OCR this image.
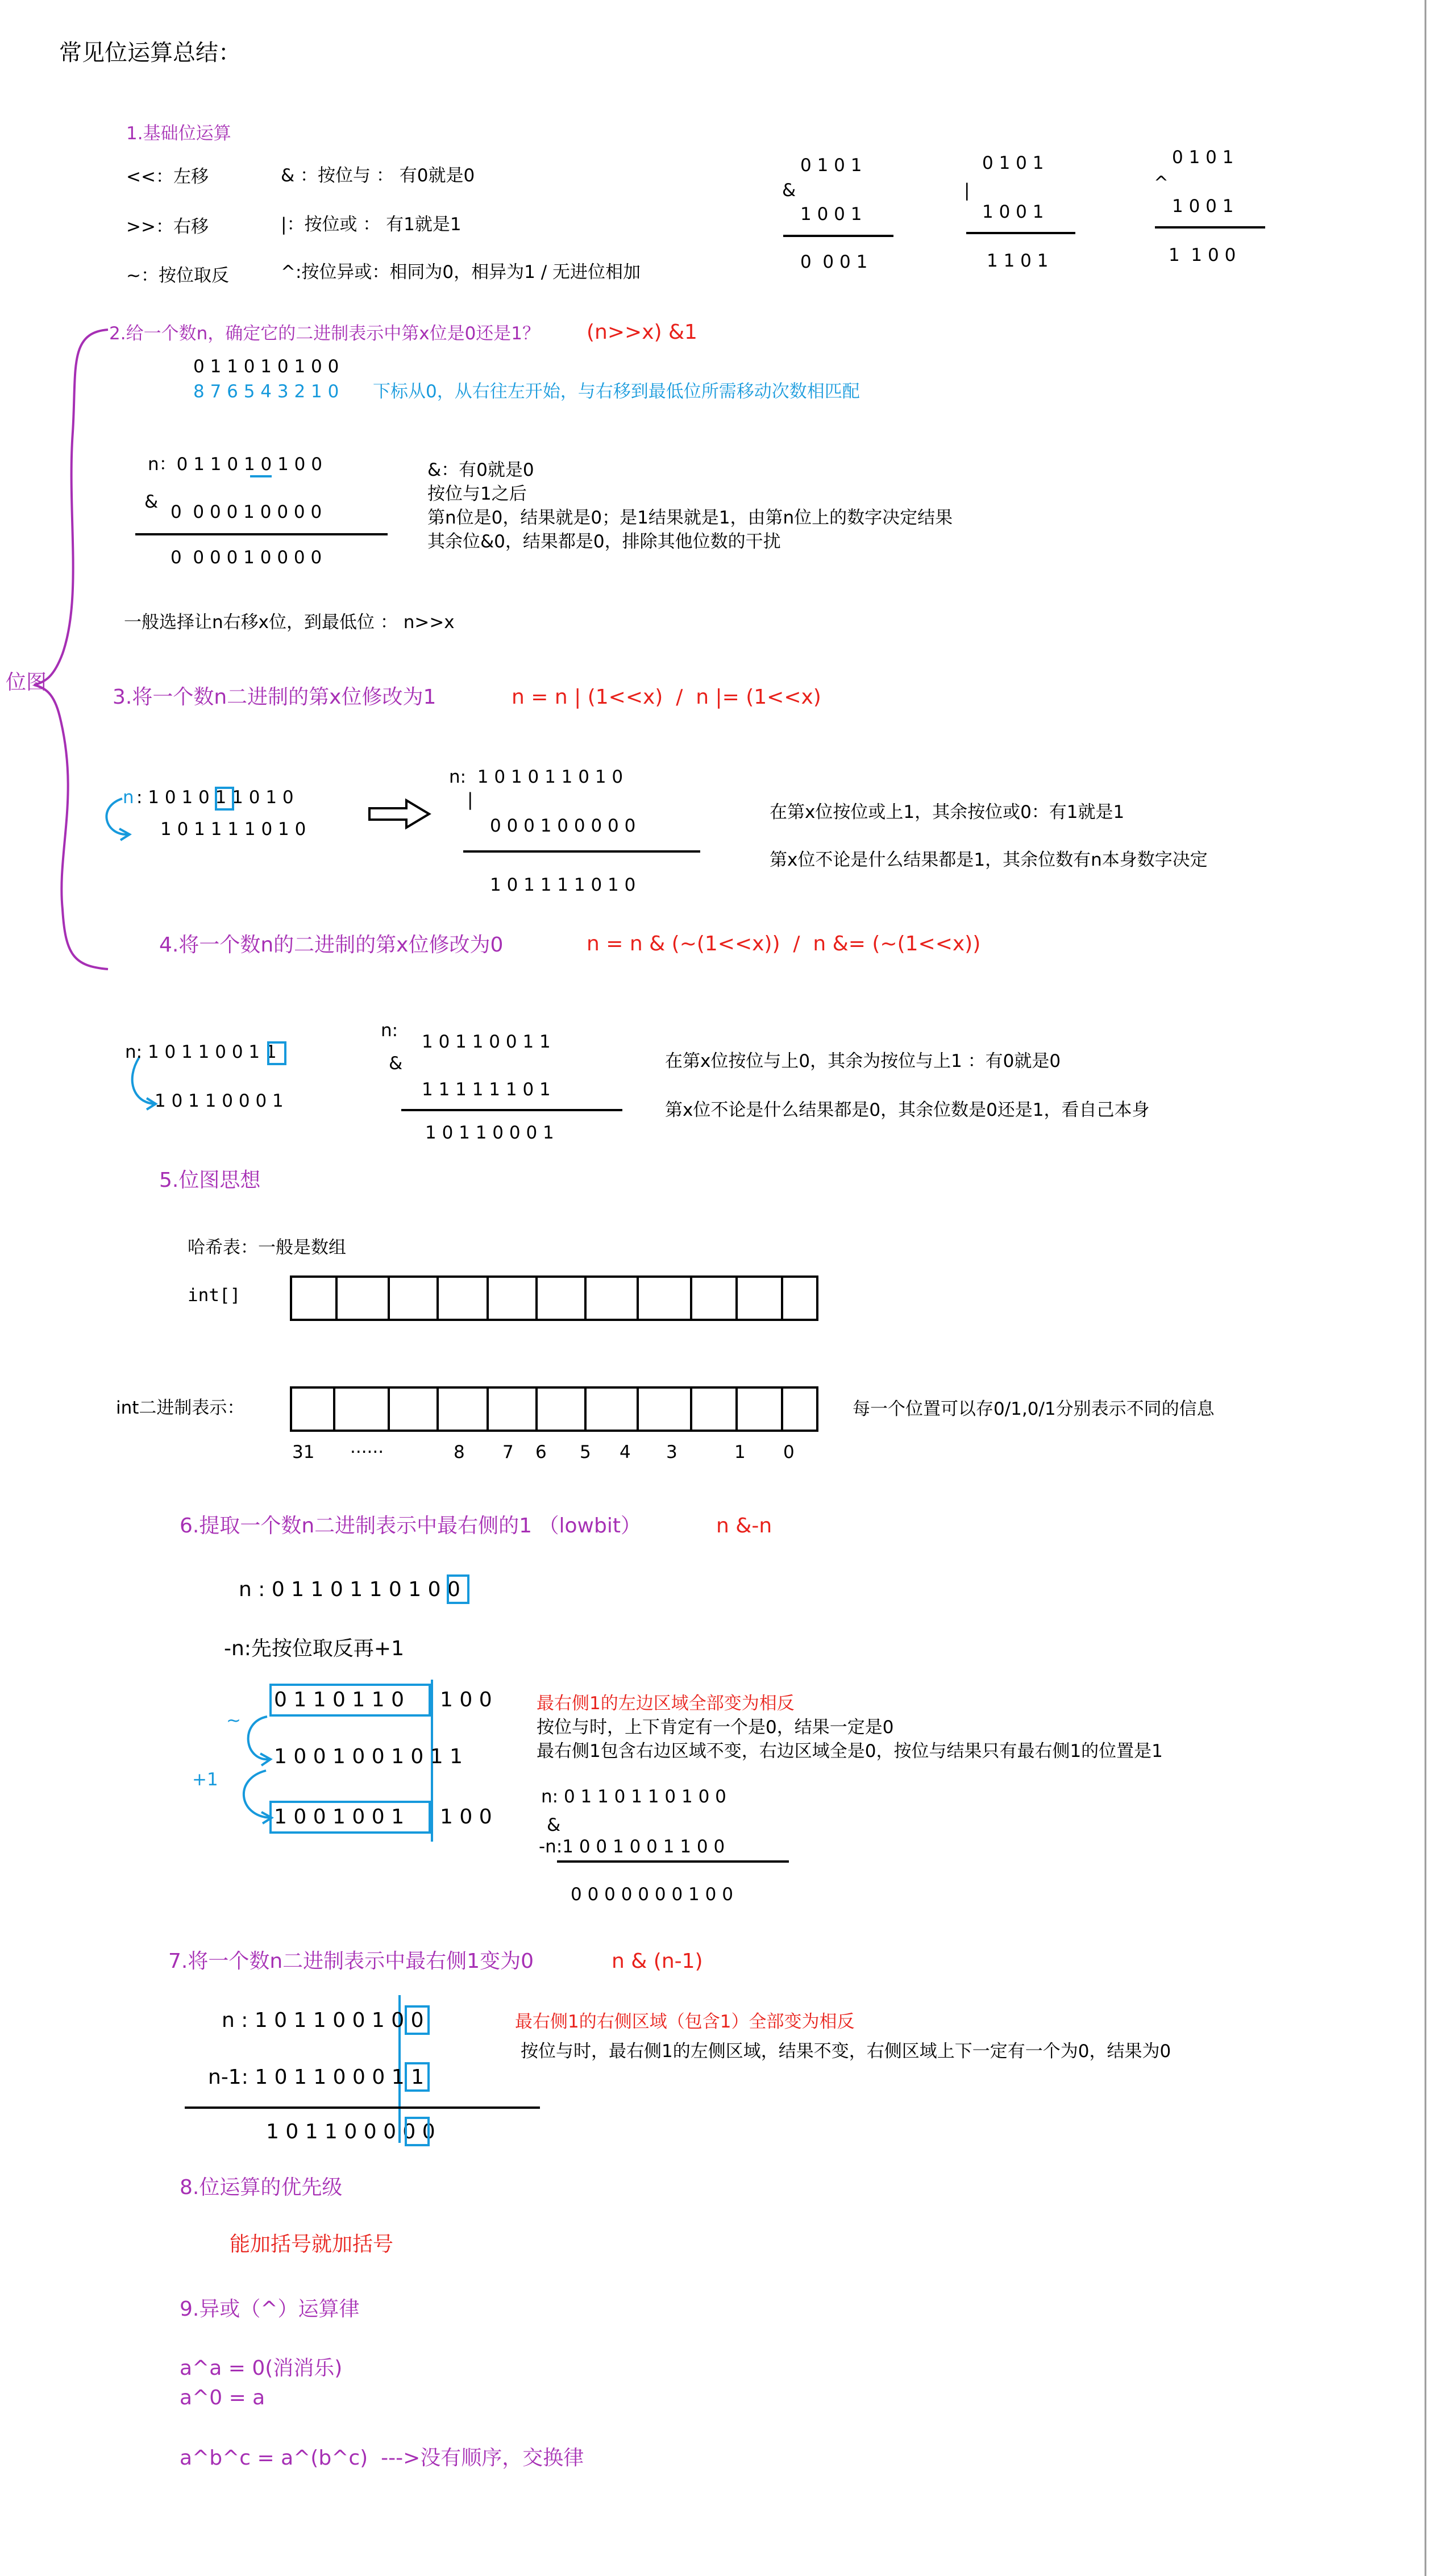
常见位运算总结：
1.基础位运算
<<：左移	& ：按位与 ： 有0就是0
>>：右移	|：按位或 ： 有1就是1
~：按位取反	^:按位异或：相同为0，相异为1 / 无进位相加
0 1 0 1
&
1 0 0 1
0  0 0 1
0 1 0 1
|
1 0 0 1
1 1 0 1
0 1 0 1
^
1 0 0 1
1  1 0 0
位图
2.给一个数n，确定它的二进制表示中第x位是0还是1？ (n>>x) &1
0 1 1 0 1 0 1 0 0
8 7 6 5 4 3 2 1 0 下标从0，从右往左开始，与右移到最低位所需移动次数相匹配
n：0 1 1 0 1 0 1 0 0
& 0  0 0 0 1 0 0 0 0
0  0 0 0 1 0 0 0 0
&：有0就是0
按位与1之后
第n位是0，结果就是0；是1结果就是1，由第n位上的数字决定结果
其余位&0，结果都是0，排除其他位数的干扰
一般选择让n右移x位，到最低位 ： n>>x
3.将一个数n二进制的第x位修改为1	n = n | (1<<x)  /  n |= (1<<x)
n : 1 0 1 0 1 1 0 1 0
1 0 1 1 1 1 0 1 0
n:  1 0 1 0 1 1 0 1 0
|
0 0 0 1 0 0 0 0 0
1 0 1 1 1 1 0 1 0
在第x位按位或上1，其余按位或0：有1就是1
第x位不论是什么结果都是1，其余位数有n本身数字决定
4.将一个数n的二进制的第x位修改为0	n = n & (~(1<<x))  /  n &= (~(1<<x))
n: 1 0 1 1 0 0 1 1
1 0 1 1 0 0 0 1
n:
1 0 1 1 0 0 1 1
&
1 1 1 1 1 1 0 1
1 0 1 1 0 0 0 1
在第x位按位与上0，其余为按位与上1 ：有0就是0
第x位不论是什么结果都是0，其余位数是0还是1，看自己本身
5.位图思想
哈希表：一般是数组
int[]
int二进制表示：	每一个位置可以存0/1,0/1分别表示不同的信息
31 ······	8 7 6 5 4 3	1 0
6.提取一个数n二进制表示中最右侧的1 （lowbit）	n &-n
n : 0 1 1 0 1 1 0 1 0 0
-n:先按位取反再+1
0 1 1 0 1 1 0 1 0 0
~
1 0 0 1 0 0 1 0 1 1
+1
1 0 0 1 0 0 1 1 0 0
最右侧1的左边区域全部变为相反
按位与时，上下肯定有一个是0，结果一定是0
最右侧1包含右边区域不变，右边区域全是0，按位与结果只有最右侧1的位置是1
n: 0 1 1 0 1 1 0 1 0 0
&
-n:1 0 0 1 0 0 1 1 0 0
0 0 0 0 0 0 0 1 0 0
7.将一个数n二进制表示中最右侧1变为0	n & (n-1)
n : 1 0 1 1 0 0 1 0 0
n-1: 1 0 1 1 0 0 0 1 1
1 0 1 1 0 0 0 0 0
最右侧1的右侧区域（包含1）全部变为相反
按位与时，最右侧1的左侧区域，结果不变，右侧区域上下一定有一个为0，结果为0
8.位运算的优先级
能加括号就加括号
9.异或（^）运算律
a^a = 0(消消乐)
a^0 = a
a^b^c = a^(b^c)  --->没有顺序，交换律
